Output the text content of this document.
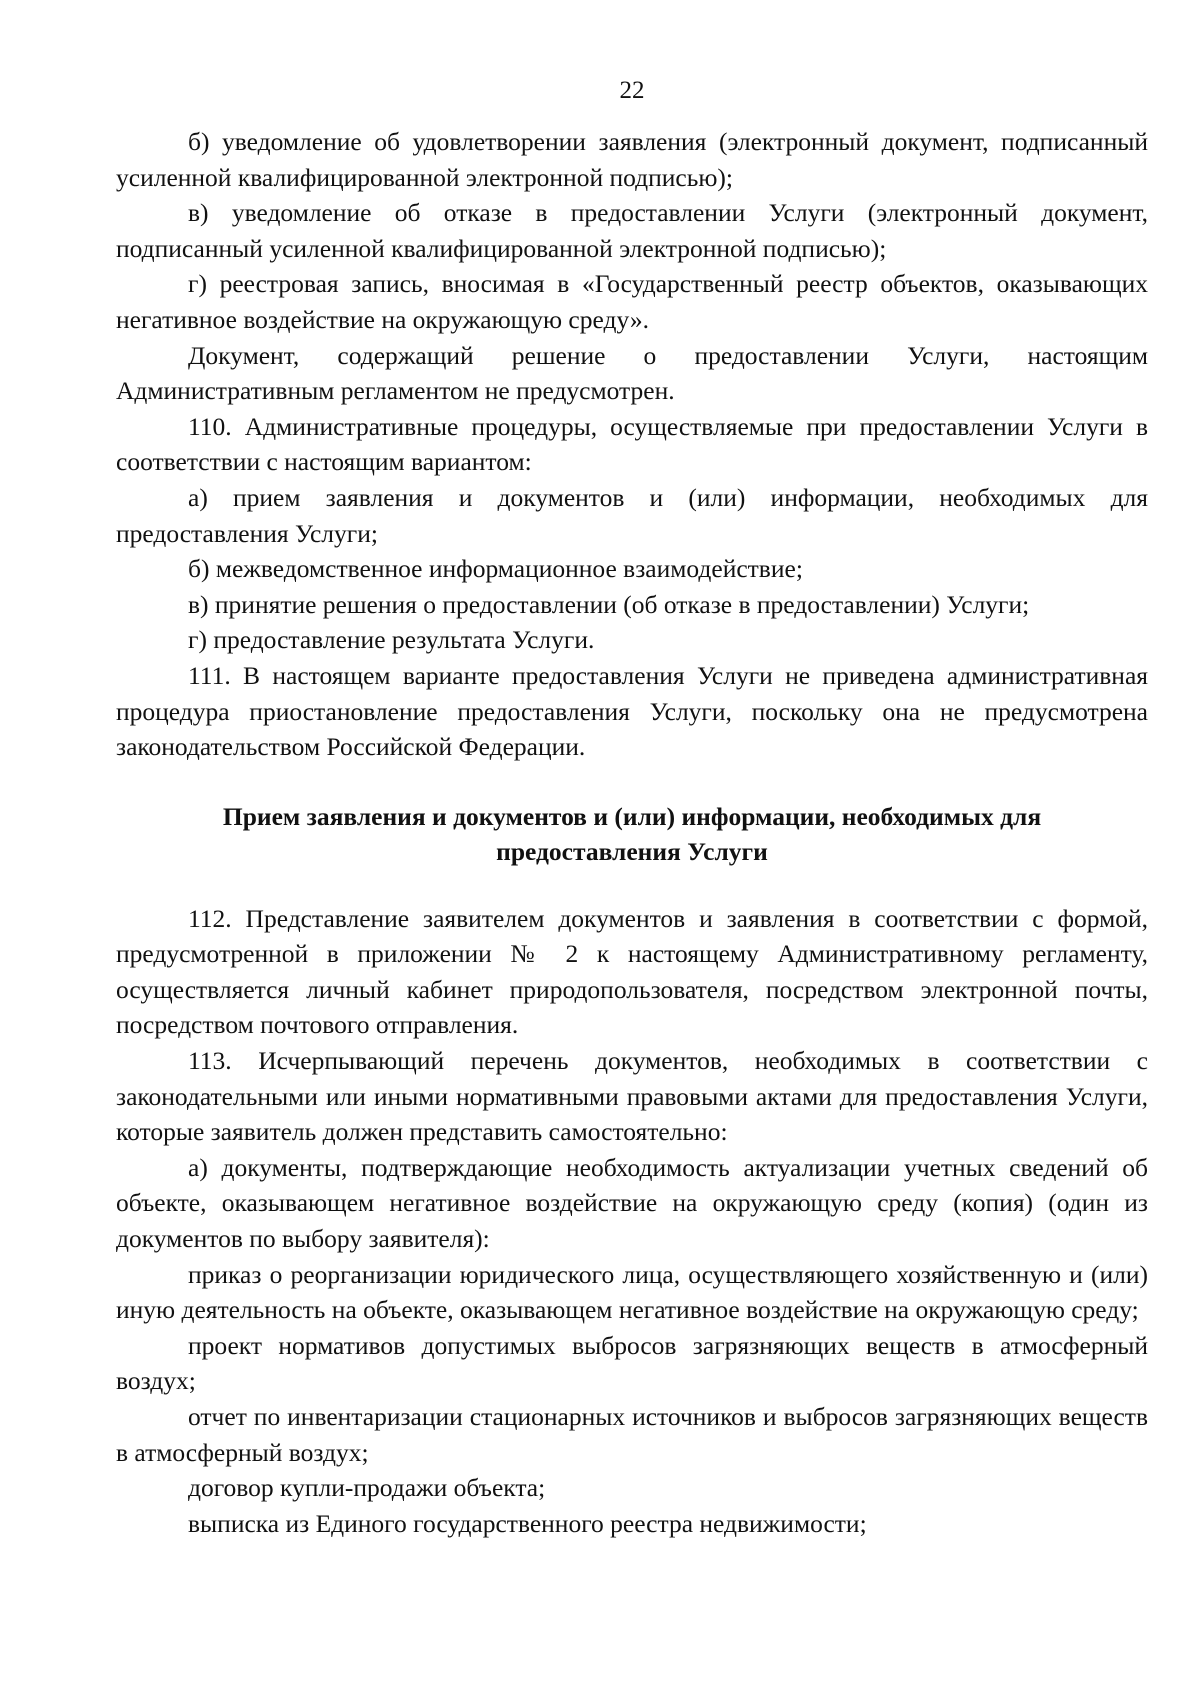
22

б) уведомление об удовлетворении заявления (электронный документ, подписанный усиленной квалифицированной электронной подписью);

в) уведомление об отказе в предоставлении Услуги (электронный документ, подписанный усиленной квалифицированной электронной подписью);

г) реестровая запись, вносимая в «Государственный реестр объектов, оказывающих негативное воздействие на окружающую среду».

Документ, содержащий решение о предоставлении Услуги, настоящим Административным регламентом не предусмотрен.

110. Административные процедуры, осуществляемые при предоставлении Услуги в соответствии с настоящим вариантом:

а) прием заявления и документов и (или) информации, необходимых для предоставления Услуги;

б) межведомственное информационное взаимодействие;

в) принятие решения о предоставлении (об отказе в предоставлении) Услуги;

г) предоставление результата Услуги.

111. В настоящем варианте предоставления Услуги не приведена административная процедура приостановление предоставления Услуги, поскольку она не предусмотрена законодательством Российской Федерации.

Прием заявления и документов и (или) информации, необходимых для предоставления Услуги

112. Представление заявителем документов и заявления в соответствии с формой, предусмотренной в приложении № 2 к настоящему Административному регламенту, осуществляется личный кабинет природопользователя, посредством электронной почты, посредством почтового отправления.

113. Исчерпывающий перечень документов, необходимых в соответствии с законодательными или иными нормативными правовыми актами для предоставления Услуги, которые заявитель должен представить самостоятельно:

а) документы, подтверждающие необходимость актуализации учетных сведений об объекте, оказывающем негативное воздействие на окружающую среду (копия) (один из документов по выбору заявителя):

приказ о реорганизации юридического лица, осуществляющего хозяйственную и (или) иную деятельность на объекте, оказывающем негативное воздействие на окружающую среду;

проект нормативов допустимых выбросов загрязняющих веществ в атмосферный воздух;

отчет по инвентаризации стационарных источников и выбросов загрязняющих веществ в атмосферный воздух;

договор купли-продажи объекта;

выписка из Единого государственного реестра недвижимости;
